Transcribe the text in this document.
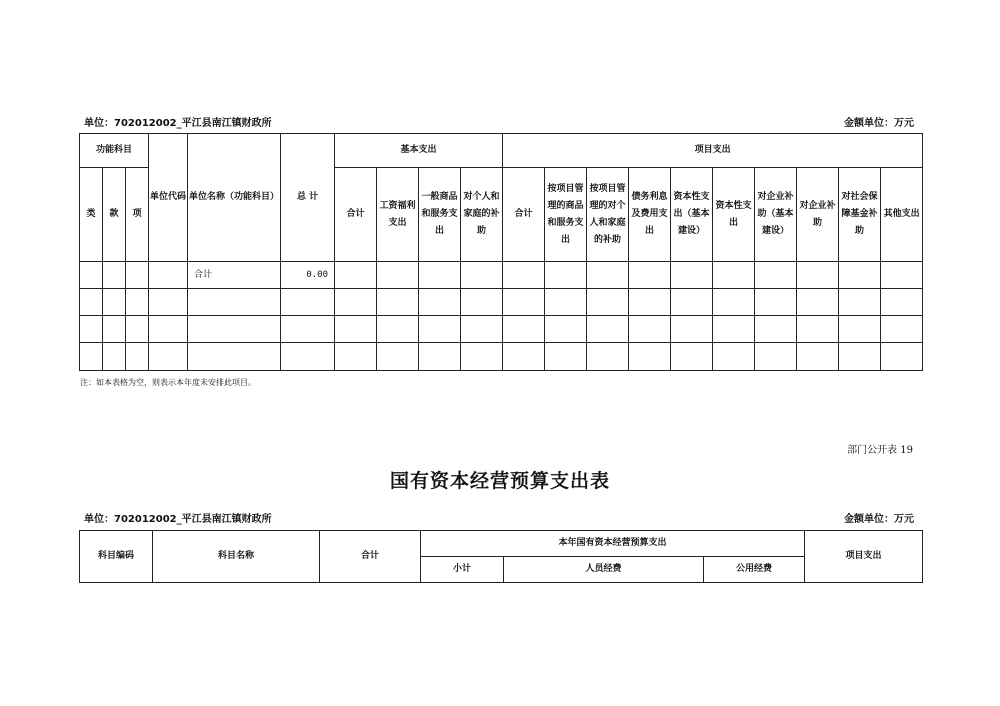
单位：702012002_平江县南江镇财政所	金额单位：万元
功能科目			单位代码	单位名称（功能科目）	总 计	基本支出				项目支出									
类	款	项				合计	工资福利支出	一般商品和服务支出	对个人和家庭的补助	合计	按项目管理的商品和服务支出	按项目管理的对个人和家庭的补助	债务利息及费用支出	资本性支出（基本建设）	资本性支出	对企业补助（基本建设）	对企业补助	对社会保障基金补助	其他支出
				合计	0.00														

注：如本表格为空，则表示本年度未安排此项目。
部门公开表 19
国有资本经营预算支出表
单位：702012002_平江县南江镇财政所	金额单位：万元
科目编码	科目名称	合计	本年国有资本经营预算支出			项目支出
			小计	人员经费	公用经费	
